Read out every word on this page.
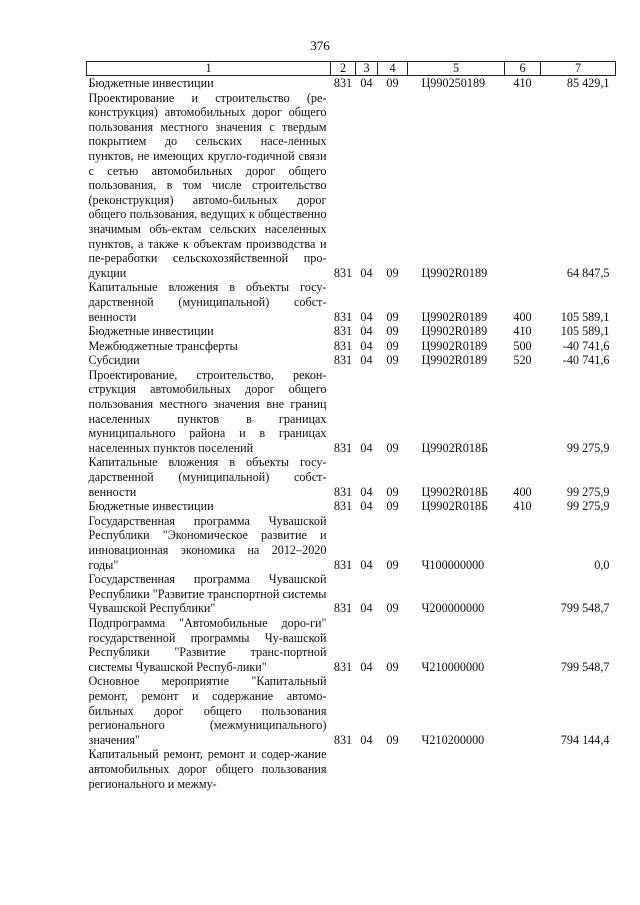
376
1	2	3	4	5	6	7
Бюджетные инвестиции	831	04	09	Ц990250189	410	85 429,1
Проектирование и строительство (ре-конструкция) автомобильных дорог общего пользования местного значения с твердым покрытием до сельских насе-ленных пунктов, не имеющих кругло-годичной связи с сетью автомобильных дорог общего пользования, в том числе строительство (реконструкция) автомо-бильных дорог общего пользования, ведущих к общественно значимым объ-ектам сельских населенных пунктов, а также к объектам производства и пе-реработки сельскохозяйственной про-дукции	831	04	09	Ц9902R0189		64 847,5
Капитальные вложения в объекты госу-дарственной (муниципальной) собст-венности	831	04	09	Ц9902R0189	400	105 589,1
Бюджетные инвестиции	831	04	09	Ц9902R0189	410	105 589,1
Межбюджетные трансферты	831	04	09	Ц9902R0189	500	-40 741,6
Субсидии	831	04	09	Ц9902R0189	520	-40 741,6
Проектирование, строительство, рекон-струкция автомобильных дорог общего пользования местного значения вне границ населенных пунктов в границах муниципального района и в границах населенных пунктов поселений	831	04	09	Ц9902R018Б		99 275,9
Капитальные вложения в объекты госу-дарственной (муниципальной) собст-венности	831	04	09	Ц9902R018Б	400	99 275,9
Бюджетные инвестиции	831	04	09	Ц9902R018Б	410	99 275,9
Государственная программа Чувашской Республики "Экономическое развитие и инновационная экономика на 2012–2020 годы"	831	04	09	Ч100000000		0,0
Государственная программа Чувашской Республики "Развитие транспортной системы Чувашской Республики"	831	04	09	Ч200000000		799 548,7
Подпрограмма "Автомобильные доро-ги" государственной программы Чу-вашской Республики "Развитие транс-портной системы Чувашской Респуб-лики"	831	04	09	Ч210000000		799 548,7
Основное мероприятие "Капитальный ремонт, ремонт и содержание автомо-бильных дорог общего пользования регионального (межмуниципального) значения"	831	04	09	Ч210200000		794 144,4
Капитальный ремонт, ремонт и содер-жание автомобильных дорог общего пользования регионального и межму-						
